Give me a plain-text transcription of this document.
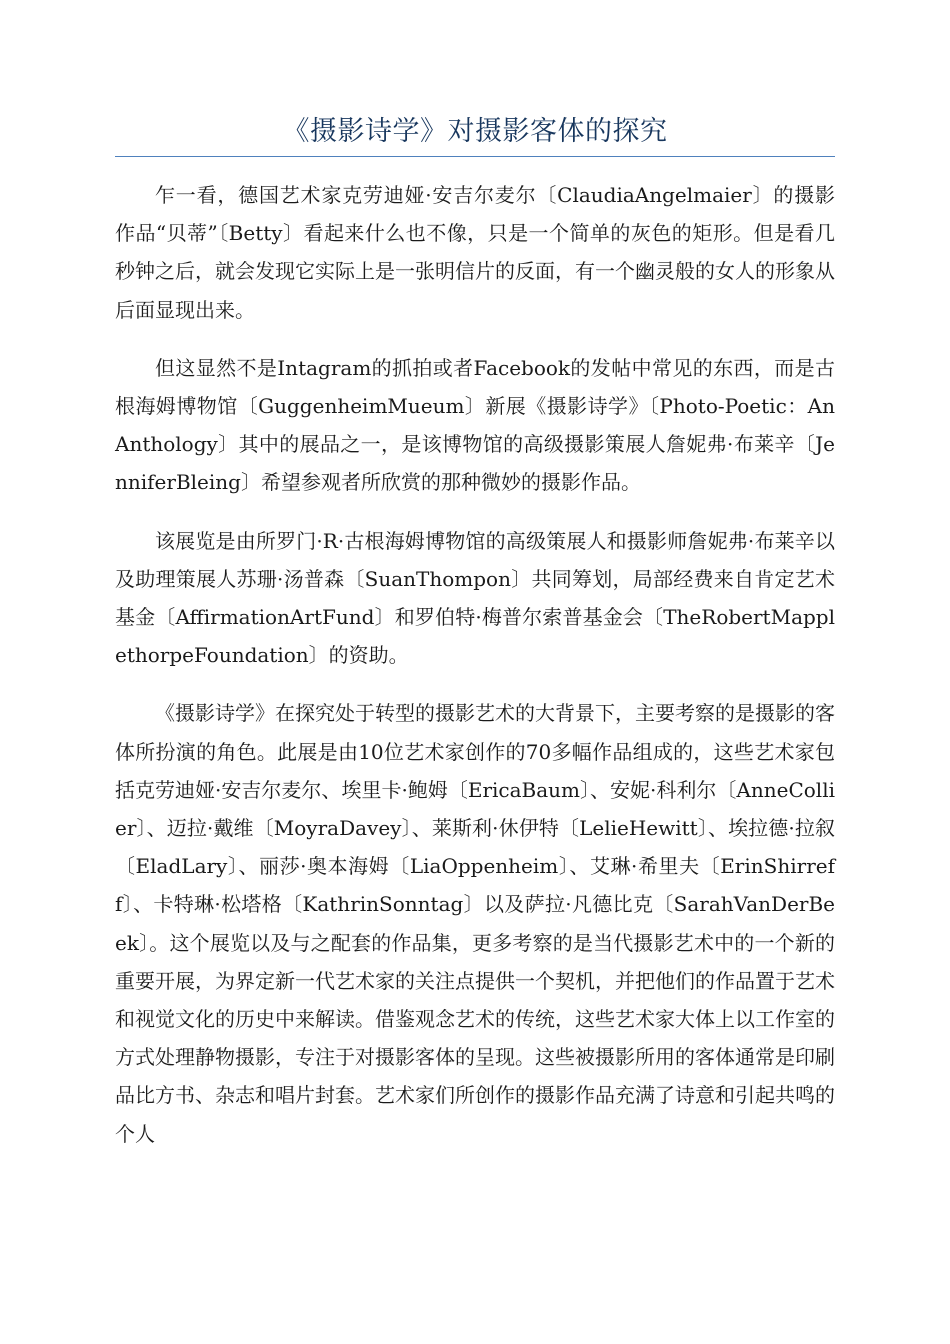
《摄影诗学》对摄影客体的探究

乍一看，德国艺术家克劳迪娅·安吉尔麦尔〔ClaudiaAngelmaier〕的摄影作品“贝蒂”〔Betty〕看起来什么也不像，只是一个简单的灰色的矩形。但是看几秒钟之后，就会发现它实际上是一张明信片的反面，有一个幽灵般的女人的形象从后面显现出来。

但这显然不是Intagram的抓拍或者Facebook的发帖中常见的东西，而是古根海姆博物馆〔GuggenheimMueum〕新展《摄影诗学》〔Photo-Poetic：AnAnthology〕其中的展品之一，是该博物馆的高级摄影策展人詹妮弗·布莱辛〔JenniferBleing〕希望参观者所欣赏的那种微妙的摄影作品。

该展览是由所罗门·R·古根海姆博物馆的高级策展人和摄影师詹妮弗·布莱辛以及助理策展人苏珊·汤普森〔SuanThompon〕共同筹划，局部经费来自肯定艺术基金〔AffirmationArtFund〕和罗伯特·梅普尔索普基金会〔TheRobertMapplethorpeFoundation〕的资助。

《摄影诗学》在探究处于转型的摄影艺术的大背景下，主要考察的是摄影的客体所扮演的角色。此展是由10位艺术家创作的70多幅作品组成的，这些艺术家包括克劳迪娅·安吉尔麦尔、埃里卡·鲍姆〔EricaBaum〕、安妮·科利尔〔AnneCollier〕、迈拉·戴维〔MoyraDavey〕、莱斯利·休伊特〔LelieHewitt〕、埃拉德·拉叙〔EladLary〕、丽莎·奥本海姆〔LiaOppenheim〕、艾琳·希里夫〔ErinShirreff〕、卡特琳·松塔格〔KathrinSonntag〕以及萨拉·凡德比克〔SarahVanDerBeek〕。这个展览以及与之配套的作品集，更多考察的是当代摄影艺术中的一个新的重要开展，为界定新一代艺术家的关注点提供一个契机，并把他们的作品置于艺术和视觉文化的历史中来解读。借鉴观念艺术的传统，这些艺术家大体上以工作室的方式处理静物摄影，专注于对摄影客体的呈现。这些被摄影所用的客体通常是印刷品比方书、杂志和唱片封套。艺术家们所创作的摄影作品充满了诗意和引起共鸣的个人
